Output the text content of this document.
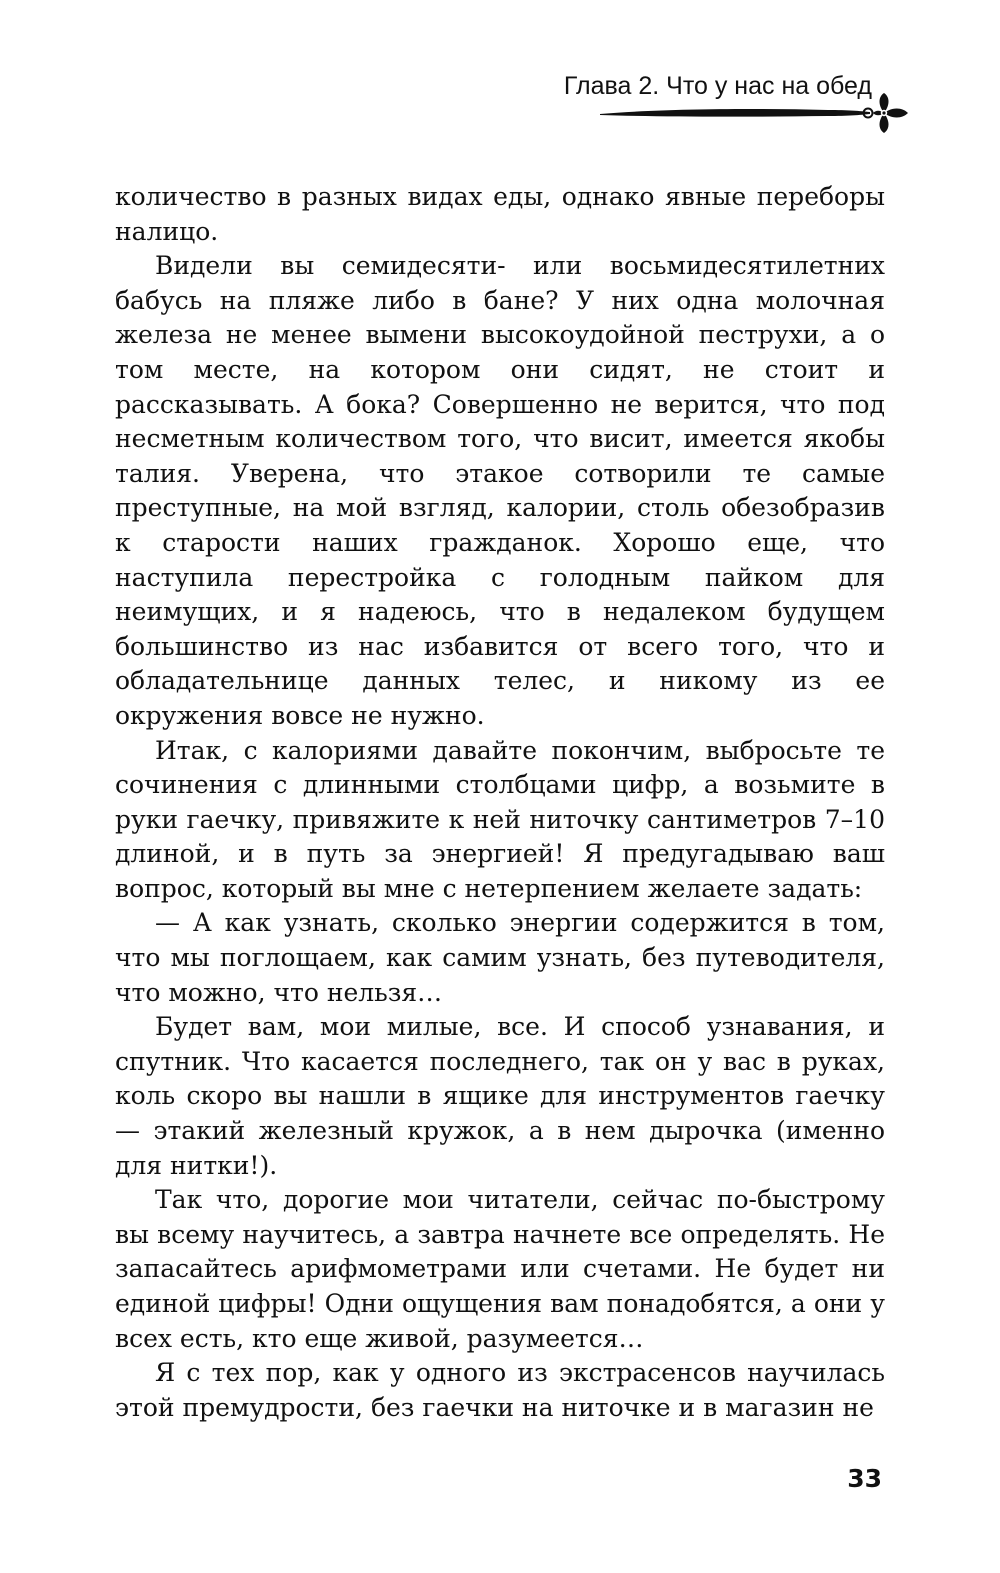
Глава 2. Что у нас на обед

количество в разных видах еды, однако явные переборы налицо.

Видели вы семидесяти- или восьмидесятилетних бабусь на пляже либо в бане? У них одна молочная железа не менее вымени высокоудойной пеструхи, а о том месте, на котором они сидят, не стоит и рассказывать. А бока? Совершенно не верится, что под несметным количеством того, что висит, имеется якобы талия. Уверена, что этакое сотворили те самые преступные, на мой взгляд, калории, столь обезобразив к старости наших гражданок. Хорошо еще, что наступила перестройка с голодным пайком для неимущих, и я надеюсь, что в недалеком будущем большинство из нас избавится от всего того, что и обладательнице данных телес, и никому из ее окружения вовсе не нужно.

Итак, с калориями давайте покончим, выбросьте те сочинения с длинными столбцами цифр, а возьмите в руки гаечку, привяжите к ней ниточку сантиметров 7–10 длиной, и в путь за энергией! Я предугадываю ваш вопрос, который вы мне с нетерпением желаете задать:

— А как узнать, сколько энергии содержится в том, что мы поглощаем, как самим узнать, без путеводителя, что можно, что нельзя…

Будет вам, мои милые, все. И способ узнавания, и спутник. Что касается последнего, так он у вас в руках, коль скоро вы нашли в ящике для инструментов гаечку — этакий железный кружок, а в нем дырочка (именно для нитки!).

Так что, дорогие мои читатели, сейчас по-быстрому вы всему научитесь, а завтра начнете все определять. Не запасайтесь арифмометрами или счетами. Не будет ни единой цифры! Одни ощущения вам понадобятся, а они у всех есть, кто еще живой, разумеется…

Я с тех пор, как у одного из экстрасенсов научилась этой премудрости, без гаечки на ниточке и в магазин не

33
